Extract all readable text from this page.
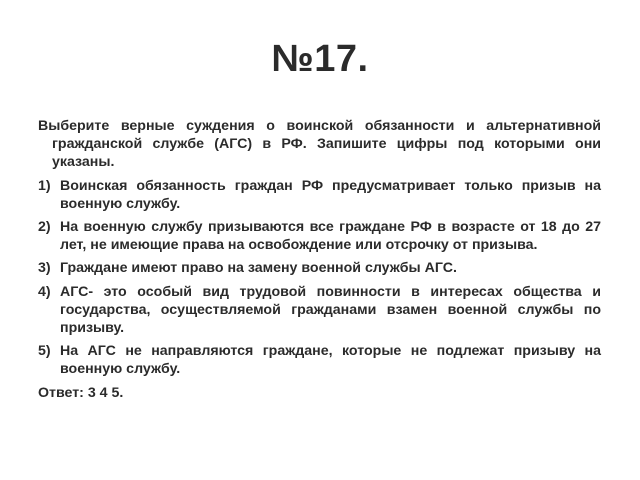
№17.

Выберите верные суждения о воинской обязанности и альтернативной гражданской службе (АГС) в РФ. Запишите цифры под которыми они указаны.

1) Воинская обязанность граждан РФ предусматривает только призыв на военную службу.
2) На военную службу призываются все граждане РФ в возрасте от 18 до 27 лет, не имеющие права на освобождение или отсрочку от призыва.
3) Граждане имеют право на замену военной службы АГС.
4) АГС- это особый вид трудовой повинности в интересах общества и государства, осуществляемой гражданами взамен военной службы по призыву.
5) На АГС не направляются граждане, которые не подлежат призыву на военную службу.

Ответ: 3 4 5.
